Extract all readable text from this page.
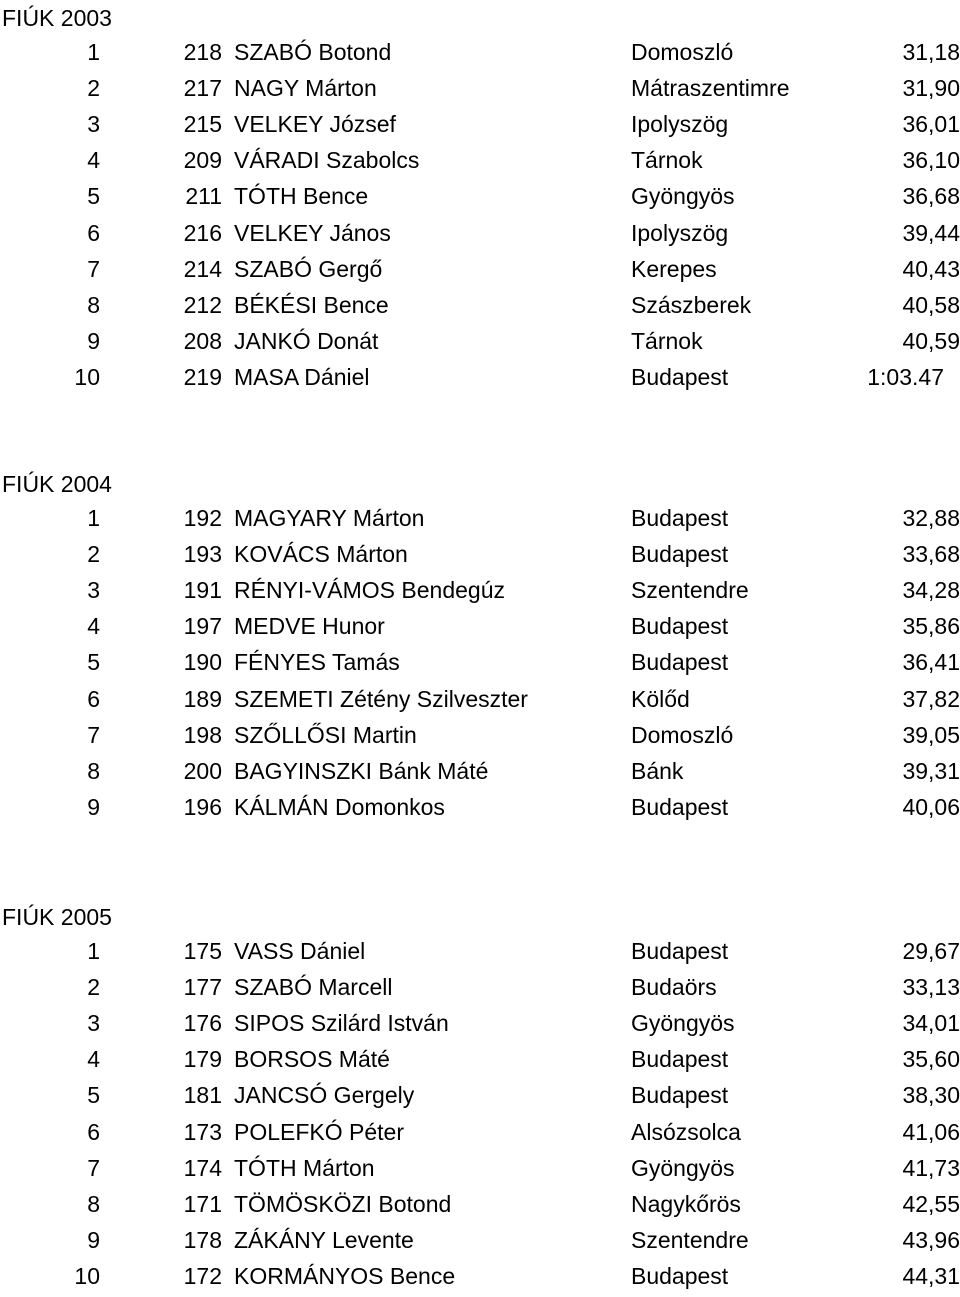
FIÚK 2003
1	218 SZABÓ Botond	Domoszló	31,18
2	217 NAGY Márton	Mátraszentimre	31,90
3	215 VELKEY József	Ipolyszög	36,01
4	209 VÁRADI Szabolcs	Tárnok	36,10
5	211 TÓTH Bence	Gyöngyös	36,68
6	216 VELKEY János	Ipolyszög	39,44
7	214 SZABÓ Gergő	Kerepes	40,43
8	212 BÉKÉSI Bence	Szászberek	40,58
9	208 JANKÓ Donát	Tárnok	40,59
10	219 MASA Dániel	Budapest	1:03.47
FIÚK 2004
1	192 MAGYARY Márton	Budapest	32,88
2	193 KOVÁCS Márton	Budapest	33,68
3	191 RÉNYI-VÁMOS Bendegúz	Szentendre	34,28
4	197 MEDVE Hunor	Budapest	35,86
5	190 FÉNYES Tamás	Budapest	36,41
6	189 SZEMETI Zétény Szilveszter	Kölőd	37,82
7	198 SZŐLLŐSI Martin	Domoszló	39,05
8	200 BAGYINSZKI Bánk Máté	Bánk	39,31
9	196 KÁLMÁN Domonkos	Budapest	40,06
FIÚK 2005
1	175 VASS Dániel	Budapest	29,67
2	177 SZABÓ Marcell	Budaörs	33,13
3	176 SIPOS Szilárd István	Gyöngyös	34,01
4	179 BORSOS Máté	Budapest	35,60
5	181 JANCSÓ Gergely	Budapest	38,30
6	173 POLEFKÓ Péter	Alsózsolca	41,06
7	174 TÓTH Márton	Gyöngyös	41,73
8	171 TÖMÖSKÖZI Botond	Nagykőrös	42,55
9	178 ZÁKÁNY Levente	Szentendre	43,96
10	172 KORMÁNYOS Bence	Budapest	44,31
